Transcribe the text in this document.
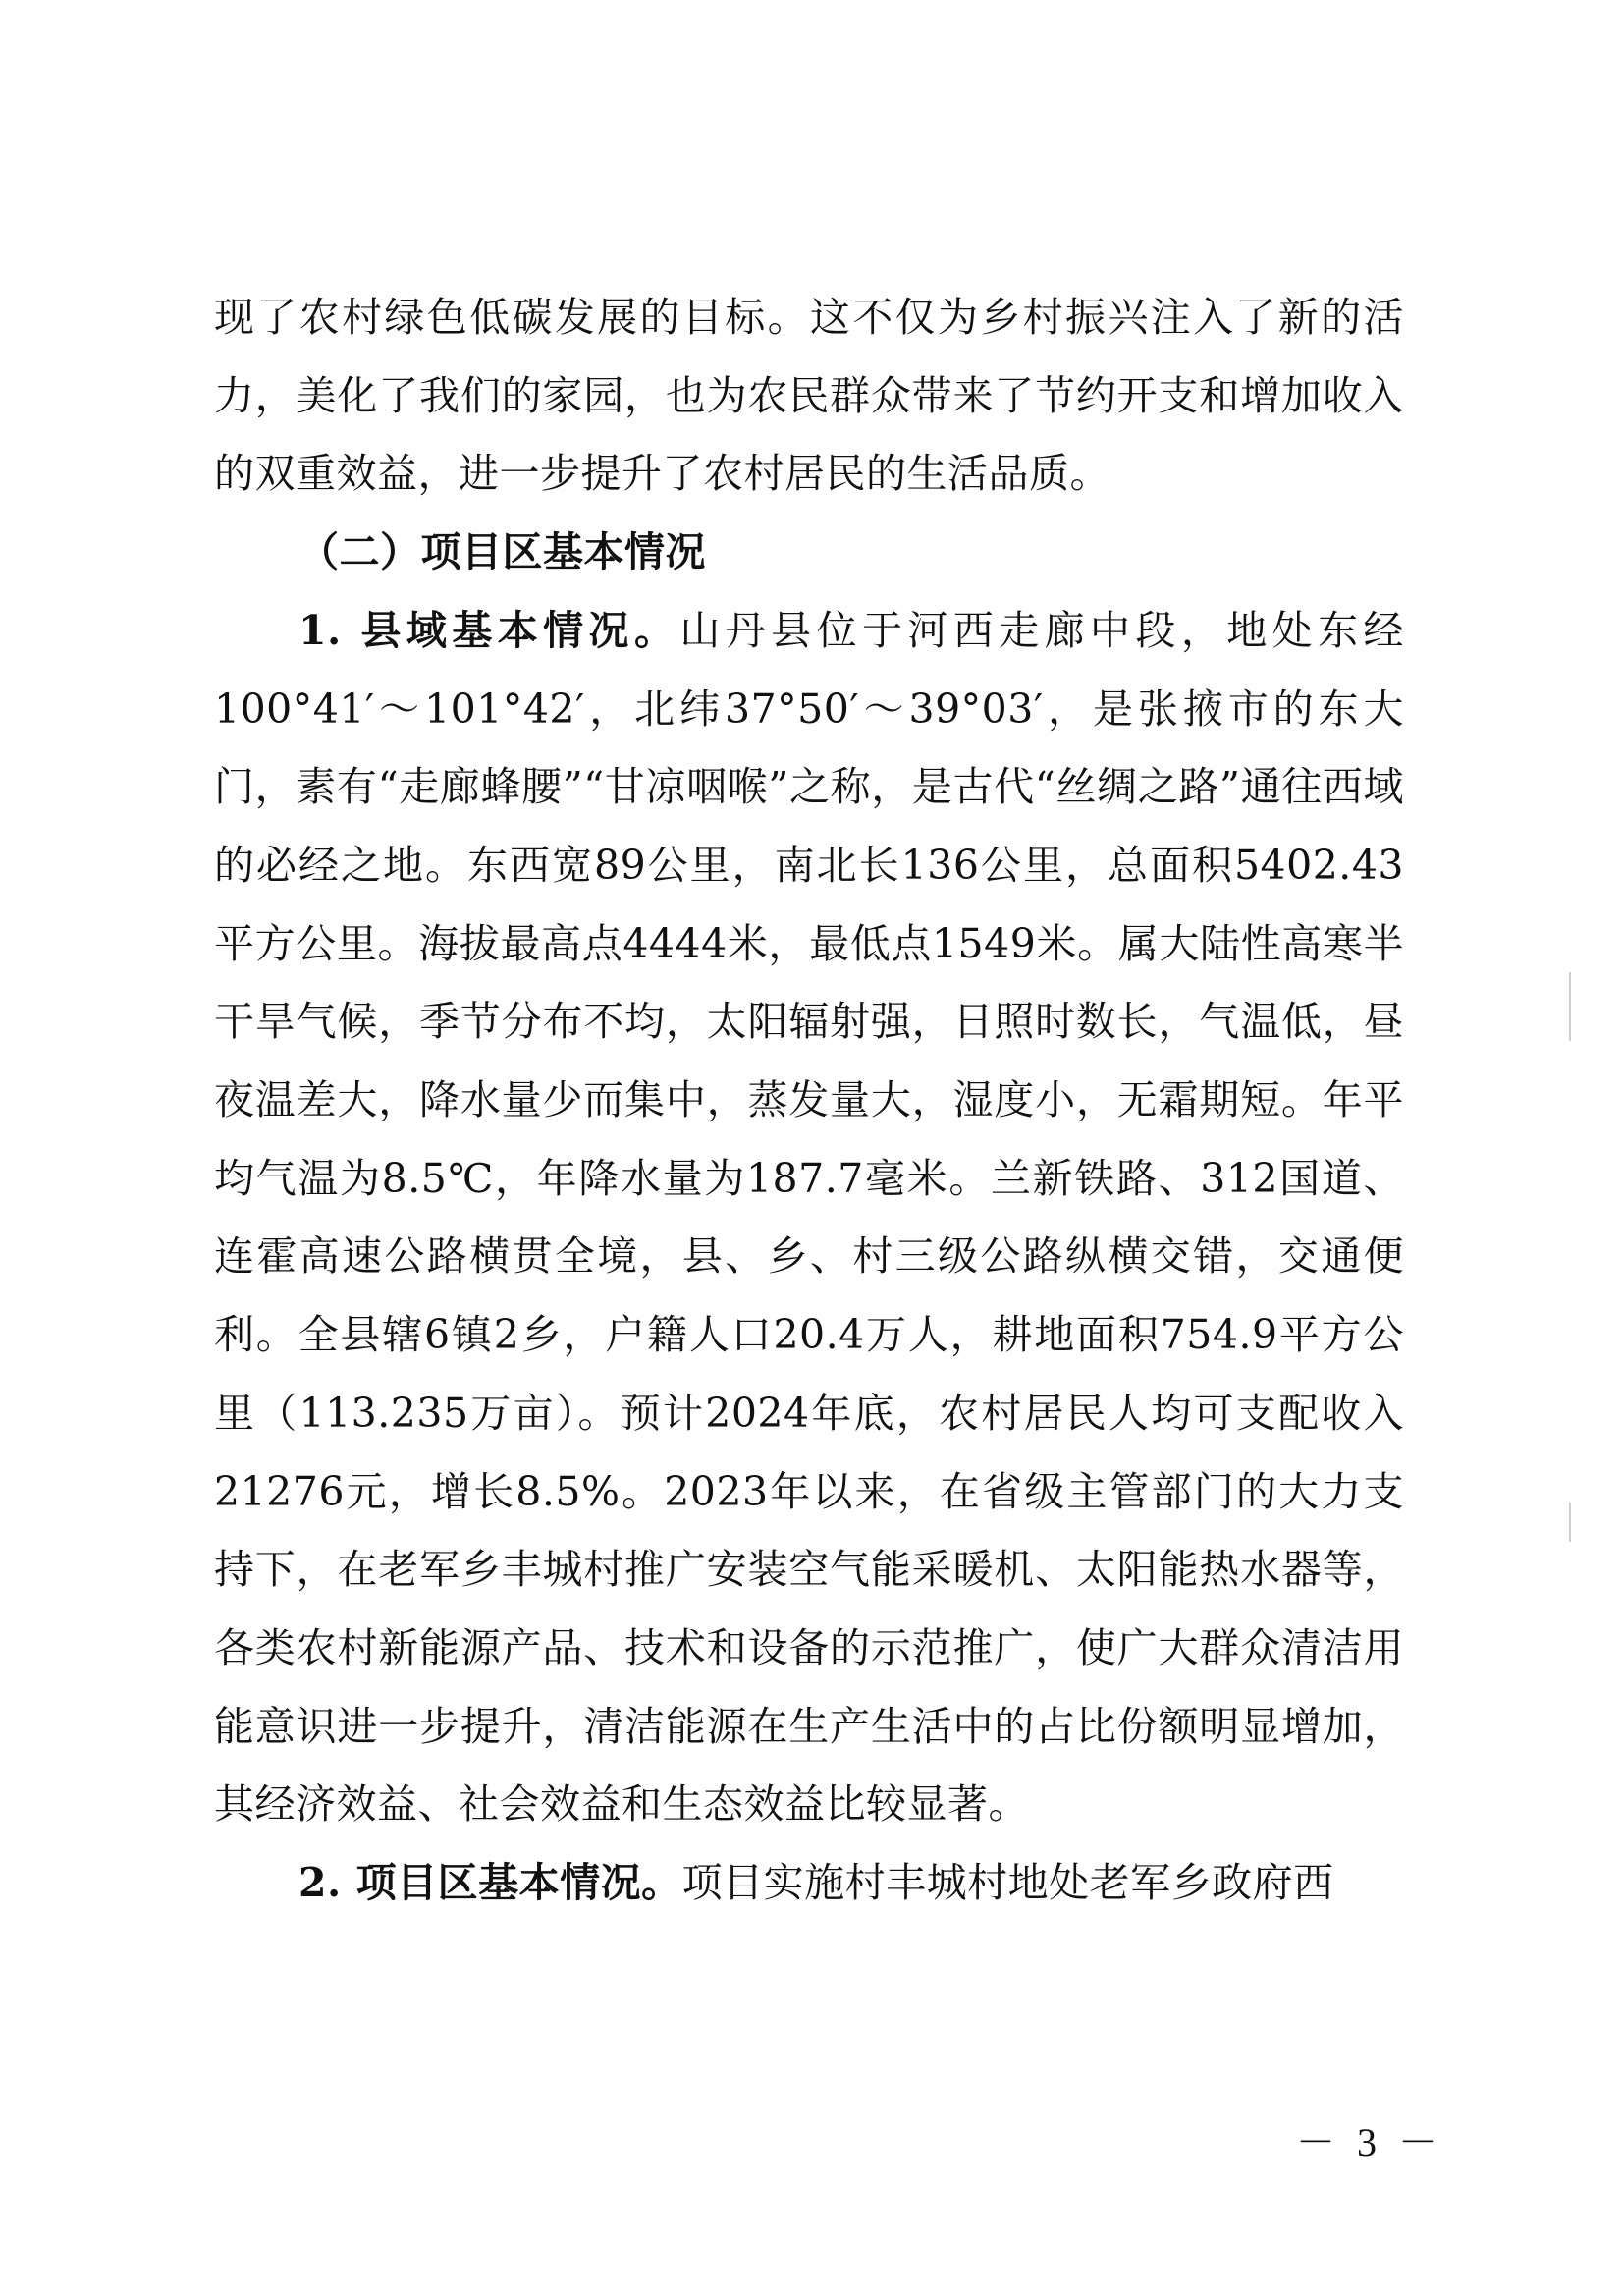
现了农村绿色低碳发展的目标。这不仅为乡村振兴注入了新的活力，美化了我们的家园，也为农民群众带来了节约开支和增加收入的双重效益，进一步提升了农村居民的生活品质。

（二）项目区基本情况

1. 县域基本情况。山丹县位于河西走廊中段，地处东经100°41′～101°42′，北纬37°50′～39°03′，是张掖市的东大门，素有“走廊蜂腰”“甘凉咽喉”之称，是古代“丝绸之路”通往西域的必经之地。东西宽89公里，南北长136公里，总面积5402.43平方公里。海拔最高点4444米，最低点1549米。属大陆性高寒半干旱气候，季节分布不均，太阳辐射强，日照时数长，气温低，昼夜温差大，降水量少而集中，蒸发量大，湿度小，无霜期短。年平均气温为8.5℃，年降水量为187.7毫米。兰新铁路、312国道、连霍高速公路横贯全境，县、乡、村三级公路纵横交错，交通便利。全县辖6镇2乡，户籍人口20.4万人，耕地面积754.9平方公里（113.235万亩）。预计2024年底，农村居民人均可支配收入21276元，增长8.5%。2023年以来，在省级主管部门的大力支持下，在老军乡丰城村推广安装空气能采暖机、太阳能热水器等，各类农村新能源产品、技术和设备的示范推广，使广大群众清洁用能意识进一步提升，清洁能源在生产生活中的占比份额明显增加，其经济效益、社会效益和生态效益比较显著。

2. 项目区基本情况。项目实施村丰城村地处老军乡政府西

－ 3 －
